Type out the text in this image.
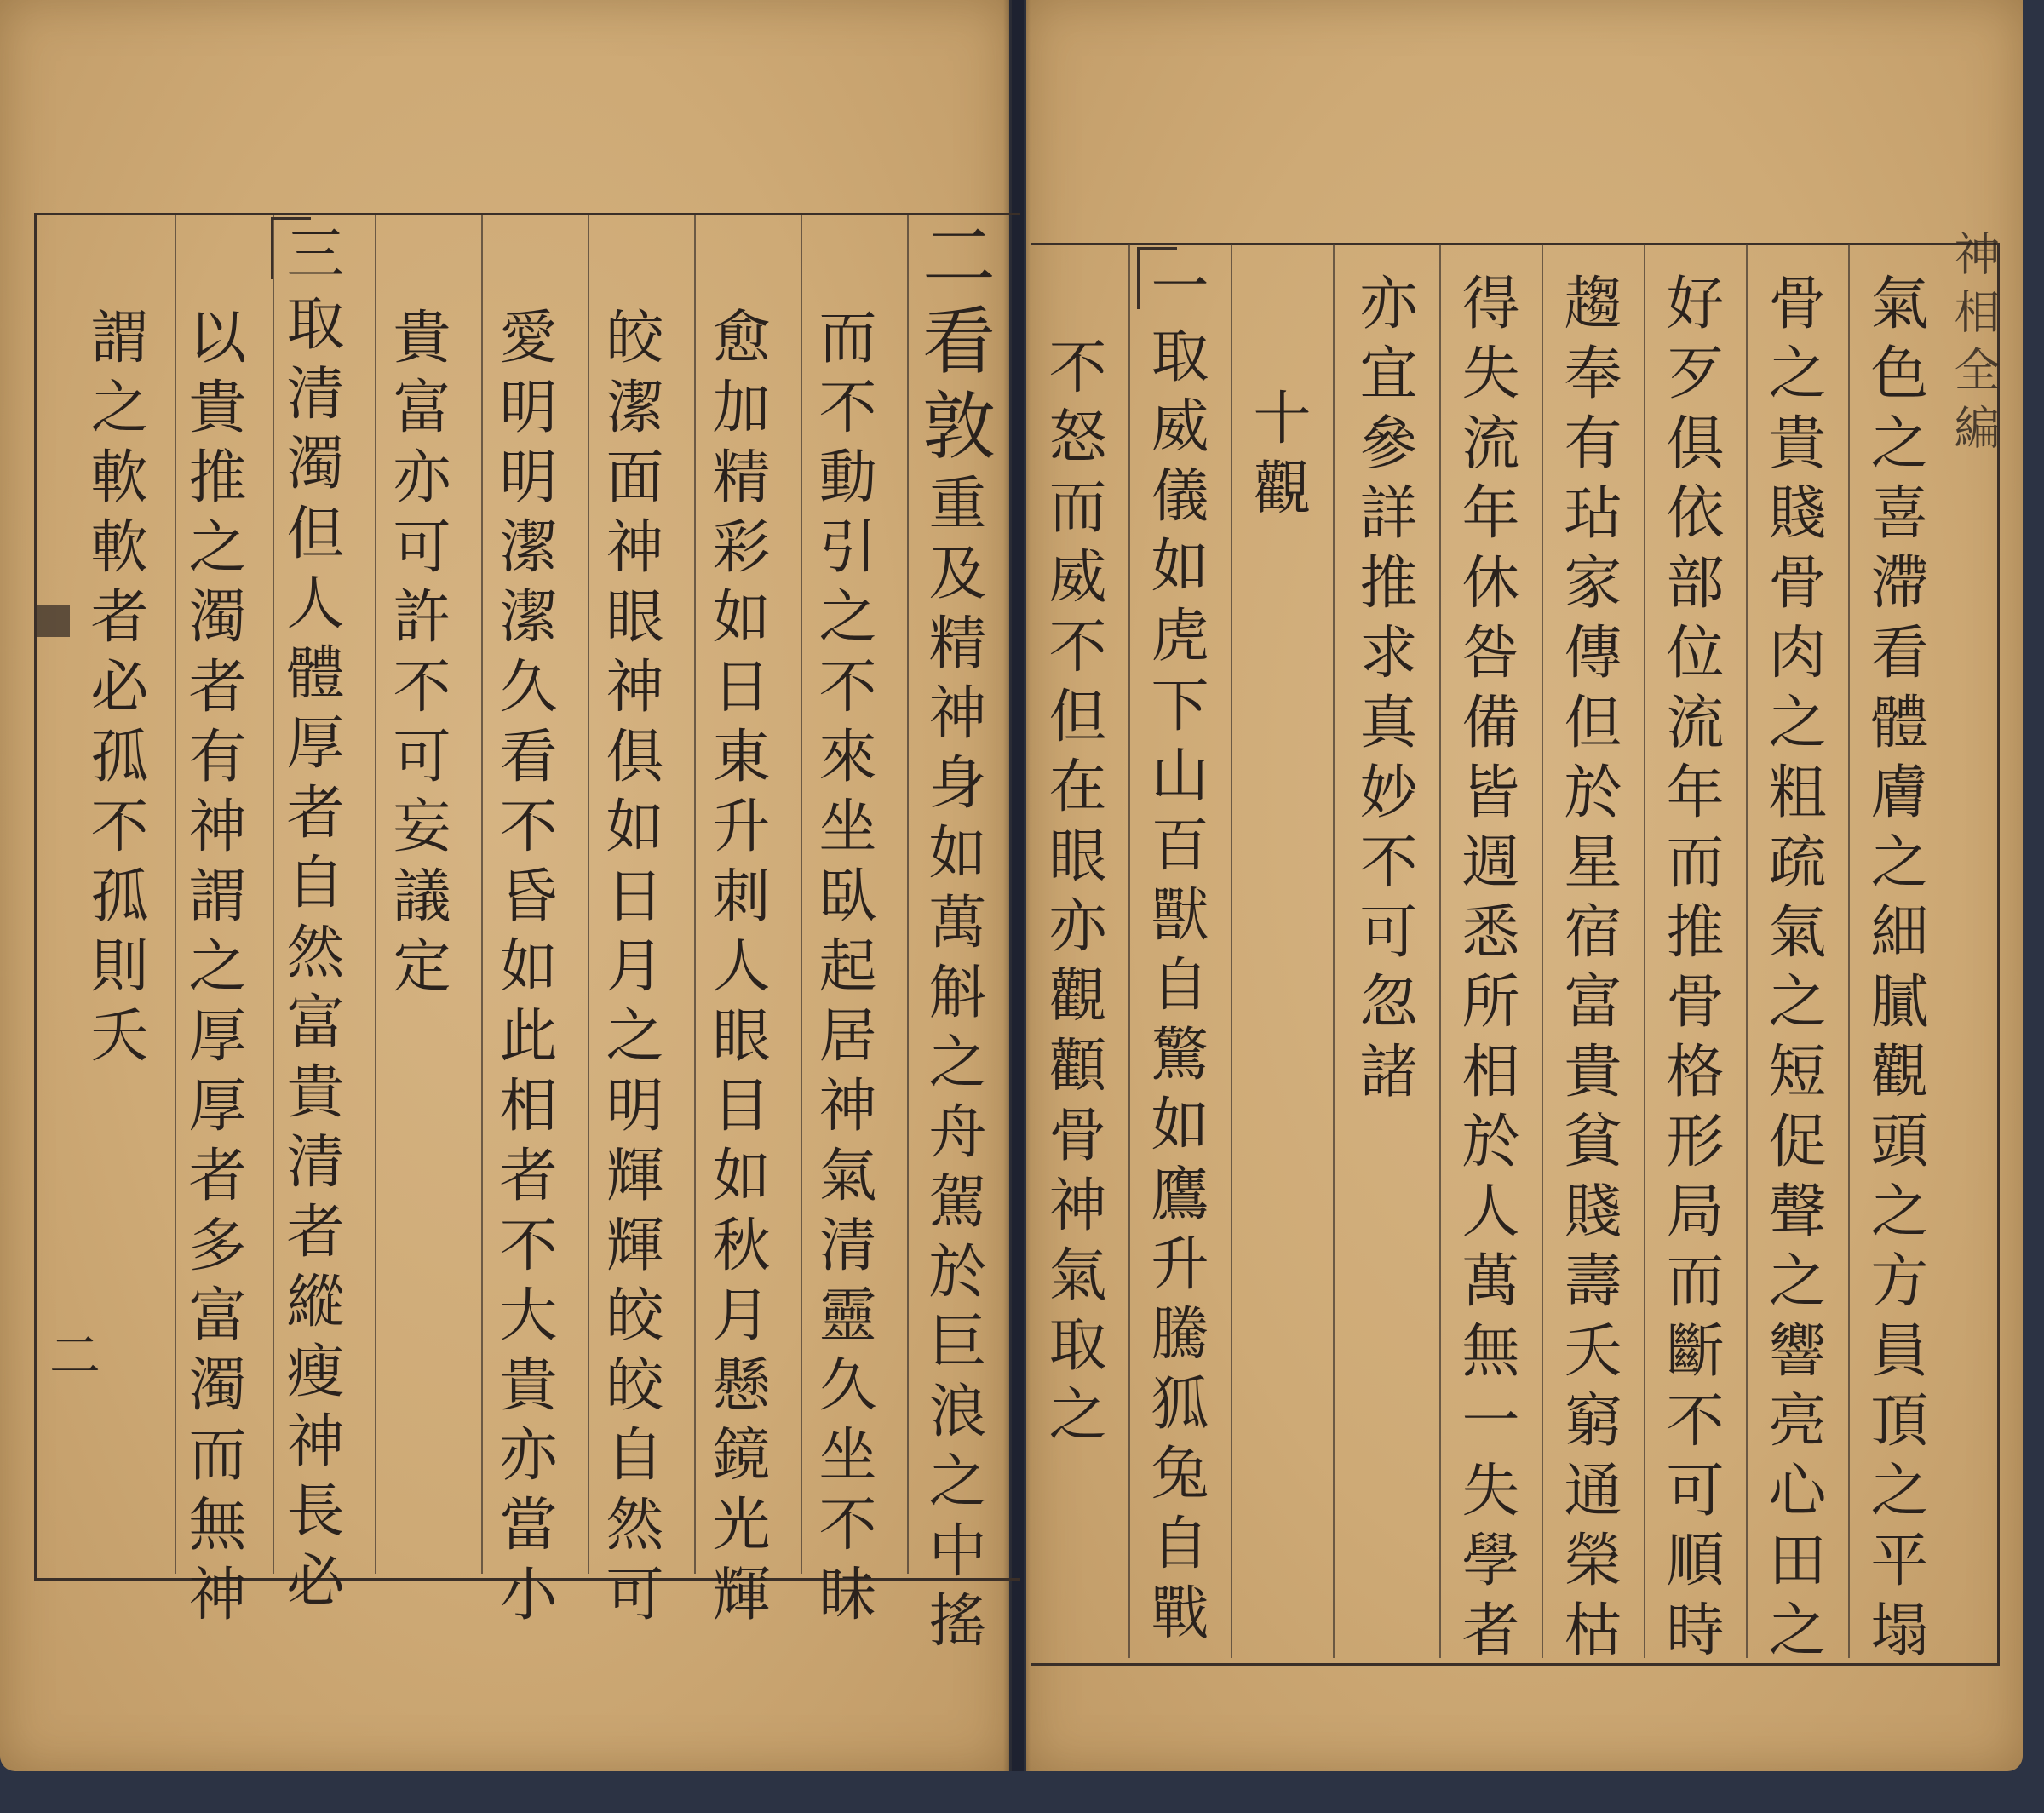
二看敦重及精神身如萬斛之舟駕於巨浪之中搖
而不動引之不來坐臥起居神氣清靈久坐不昧
愈加精彩如日東升刺人眼目如秋月懸鏡光輝
皎潔面神眼神俱如日月之明輝輝皎皎自然可
愛明明潔潔久看不昏如此相者不大貴亦當小
貴富亦可許不可妄議定
三取清濁但人體厚者自然富貴清者縱瘦神長必
以貴推之濁者有神謂之厚厚者多富濁而無神
謂之軟軟者必孤不孤則夭
二	氣色之喜滯看體膚之細膩觀頭之方員頂之平塌
骨之貴賤骨肉之粗疏氣之短促聲之響亮心田之
好歹俱依部位流年而推骨格形局而斷不可順時
趨奉有玷家傳但於星宿富貴貧賤壽夭窮通榮枯
得失流年休咎備皆週悉所相於人萬無一失學者
亦宜參詳推求真妙不可忽諸
十觀
一取威儀如虎下山百獸自驚如鷹升騰狐兔自戰
不怒而威不但在眼亦觀顴骨神氣取之	神相全編
